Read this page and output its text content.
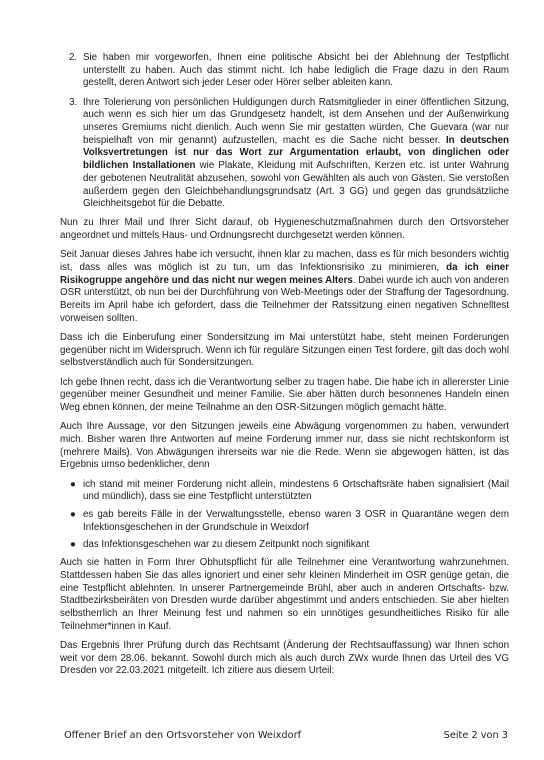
2. Sie haben mir vorgeworfen, Ihnen eine politische Absicht bei der Ablehnung der Testpflicht unterstellt zu haben. Auch das stimmt nicht. Ich habe lediglich die Frage dazu in den Raum gestellt, deren Antwort sich jeder Leser oder Hörer selber ableiten kann.
3. Ihre Tolerierung von persönlichen Huldigungen durch Ratsmitglieder in einer öffentlichen Sitzung, auch wenn es sich hier um das Grundgesetz handelt, ist dem Ansehen und der Außenwirkung unseres Gremiums nicht dienlich. Auch wenn Sie mir gestatten würden, Che Guevara (war nur beispielhaft von mir genannt) aufzustellen, macht es die Sache nicht besser. In deutschen Volksvertretungen ist nur das Wort zur Argumentation erlaubt, von dinglichen oder bildlichen Installationen wie Plakate, Kleidung mit Aufschriften, Kerzen etc. ist unter Wahrung der gebotenen Neutralität abzusehen, sowohl von Gewählten als auch von Gästen. Sie verstoßen außerdem gegen den Gleichbehandlungsgrundsatz (Art. 3 GG) und gegen das grundsätzliche Gleichheitsgebot für die Debatte.

Nun zu Ihrer Mail und Ihrer Sicht darauf, ob Hygieneschutzmaßnahmen durch den Ortsvorsteher angeordnet und mittels Haus- und Ordnungsrecht durchgesetzt werden können.

Seit Januar dieses Jahres habe ich versucht, ihnen klar zu machen, dass es für mich besonders wichtig ist, dass alles was möglich ist zu tun, um das Infektionsrisiko zu minimieren, da ich einer Risikogruppe angehöre und das nicht nur wegen meines Alters. Dabei wurde ich auch von anderen OSR unterstützt, ob nun bei der Durchführung von Web-Meetings oder der Straffung der Tagesordnung. Bereits im April habe ich gefordert, dass die Teilnehmer der Ratssitzung einen negativen Schnelltest vorweisen sollten.

Dass ich die Einberufung einer Sondersitzung im Mai unterstützt habe, steht meinen Forderungen gegenüber nicht im Widerspruch. Wenn ich für reguläre Sitzungen einen Test fordere, gilt das doch wohl selbstverständlich auch für Sondersitzungen.

Ich gebe Ihnen recht, dass ich die Verantwortung selber zu tragen habe. Die habe ich in allererster Linie gegenüber meiner Gesundheit und meiner Familie. Sie aber hätten durch besonnenes Handeln einen Weg ebnen können, der meine Teilnahme an den OSR-Sitzungen möglich gemacht hätte.

Auch Ihre Aussage, vor den Sitzungen jeweils eine Abwägung vorgenommen zu haben, verwundert mich. Bisher waren Ihre Antworten auf meine Forderung immer nur, dass sie nicht rechtskonform ist (mehrere Mails). Von Abwägungen ihrerseits war nie die Rede. Wenn sie abgewogen hätten, ist das Ergebnis umso bedenklicher, denn

● ich stand mit meiner Forderung nicht allein, mindestens 6 Ortschaftsräte haben signalisiert (Mail und mündlich), dass sie eine Testpflicht unterstützten
● es gab bereits Fälle in der Verwaltungsstelle, ebenso waren 3 OSR in Quarantäne wegen dem Infektionsgeschehen in der Grundschule in Weixdorf
● das Infektionsgeschehen war zu diesem Zeitpunkt noch signifikant

Auch sie hatten in Form Ihrer Obhutspflicht für alle Teilnehmer eine Verantwortung wahrzunehmen. Stattdessen haben Sie das alles ignoriert und einer sehr kleinen Minderheit im OSR genüge getan, die eine Testpflicht ablehnten. In unserer Partnergemeinde Brühl, aber auch in anderen Ortschafts- bzw. Stadtbezirksbeiräten von Dresden wurde darüber abgestimmt und anders entschieden. Sie aber hielten selbstherrlich an Ihrer Meinung fest und nahmen so ein unnötiges gesundheitliches Risiko für alle Teilnehmer*innen in Kauf.

Das Ergebnis Ihrer Prüfung durch das Rechtsamt (Änderung der Rechtsauffassung) war Ihnen schon weit vor dem 28.06. bekannt. Sowohl durch mich als auch durch ZWx wurde Ihnen das Urteil des VG Dresden vor 22.03.2021 mitgeteilt. Ich zitiere aus diesem Urteil:

Offener Brief an den Ortsvorsteher von Weixdorf	Seite 2 von 3
